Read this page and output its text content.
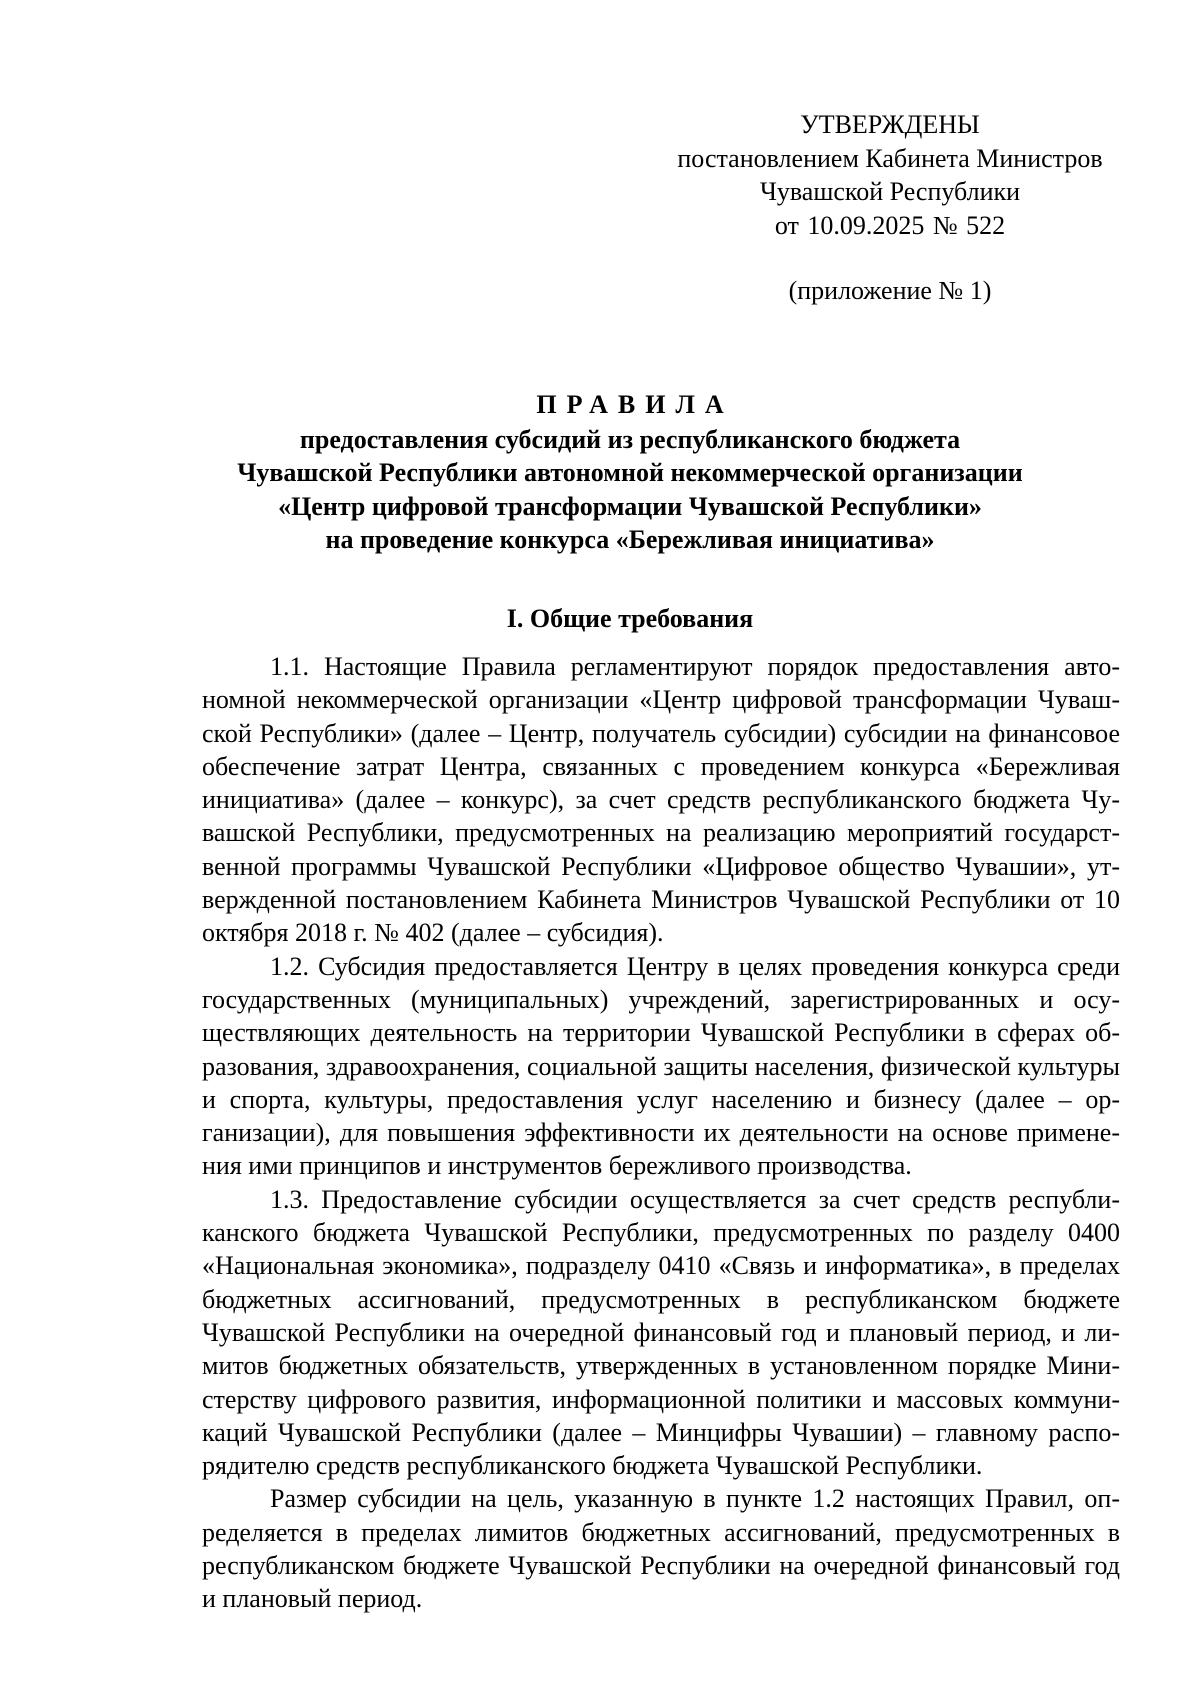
УТВЕРЖДЕНЫ
постановлением Кабинета Министров
Чувашской Республики
от 10.09.2025 № 522
(приложение № 1)
ПРАВИЛА
предоставления субсидий из республиканского бюджета
Чувашской Республики автономной некоммерческой организации
«Центр цифровой трансформации Чувашской Республики»
на проведение конкурса «Бережливая инициатива»
I. Общие требования

1.1. Настоящие Правила регламентируют порядок предоставления автономной некоммерческой организации «Центр цифровой трансформации Чувашской Республики» (далее – Центр, получатель субсидии) субсидии на финансовое обеспечение затрат Центра, связанных с проведением конкурса «Бережливая инициатива» (далее – конкурс), за счет средств республиканского бюджета Чувашской Республики, предусмотренных на реализацию мероприятий государственной программы Чувашской Республики «Цифровое общество Чувашии», утвержденной постановлением Кабинета Министров Чувашской Республики от 10 октября 2018 г. № 402 (далее – субсидия).

1.2. Субсидия предоставляется Центру в целях проведения конкурса среди государственных (муниципальных) учреждений, зарегистрированных и осуществляющих деятельность на территории Чувашской Республики в сферах образования, здравоохранения, социальной защиты населения, физической культуры и спорта, культуры, предоставления услуг населению и бизнесу (далее – организации), для повышения эффективности их деятельности на основе применения ими принципов и инструментов бережливого производства.

1.3. Предоставление субсидии осуществляется за счет средств республиканского бюджета Чувашской Республики, предусмотренных по разделу 0400 «Национальная экономика», подразделу 0410 «Связь и информатика», в пределах бюджетных ассигнований, предусмотренных в республиканском бюджете Чувашской Республики на очередной финансовый год и плановый период, и лимитов бюджетных обязательств, утвержденных в установленном порядке Министерству цифрового развития, информационной политики и массовых коммуникаций Чувашской Республики (далее – Минцифры Чувашии) – главному распорядителю средств республиканского бюджета Чувашской Республики.

Размер субсидии на цель, указанную в пункте 1.2 настоящих Правил, определяется в пределах лимитов бюджетных ассигнований, предусмотренных в республиканском бюджете Чувашской Республики на очередной финансовый год и плановый период.
